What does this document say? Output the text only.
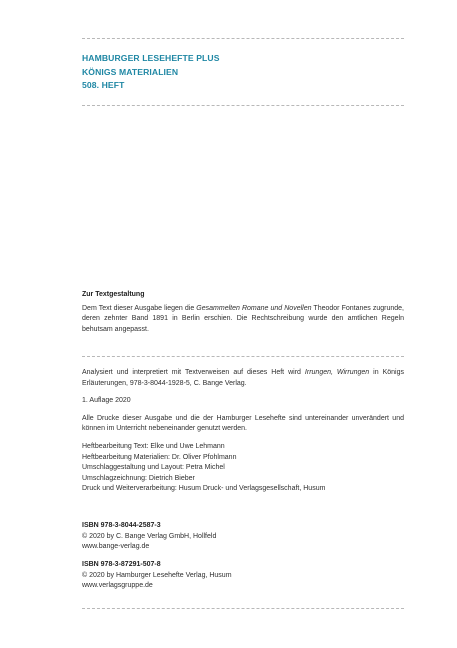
HAMBURGER LESEHEFTE PLUS
KÖNIGS MATERIALIEN
508. HEFT
Zur Textgestaltung
Dem Text dieser Ausgabe liegen die Gesammelten Romane und Novellen Theodor Fontanes zugrunde, deren zehnter Band 1891 in Berlin erschien. Die Rechtschreibung wurde den amtlichen Regeln behutsam angepasst.
Analysiert und interpretiert mit Textverweisen auf dieses Heft wird Irrungen, Wirrungen in Königs Erläuterungen, 978-3-8044-1928-5, C. Bange Verlag.
1. Auflage 2020
Alle Drucke dieser Ausgabe und die der Hamburger Lesehefte sind untereinander unverändert und können im Unterricht nebeneinander genutzt werden.
Heftbearbeitung Text: Elke und Uwe Lehmann
Heftbearbeitung Materialien: Dr. Oliver Pfohlmann
Umschlaggestaltung und Layout: Petra Michel
Umschlagzeichnung: Dietrich Bieber
Druck und Weiterverarbeitung: Husum Druck- und Verlagsgesellschaft, Husum
ISBN 978-3-8044-2587-3
© 2020 by C. Bange Verlag GmbH, Hollfeld
www.bange-verlag.de
ISBN 978-3-87291-507-8
© 2020 by Hamburger Lesehefte Verlag, Husum
www.verlagsgruppe.de
